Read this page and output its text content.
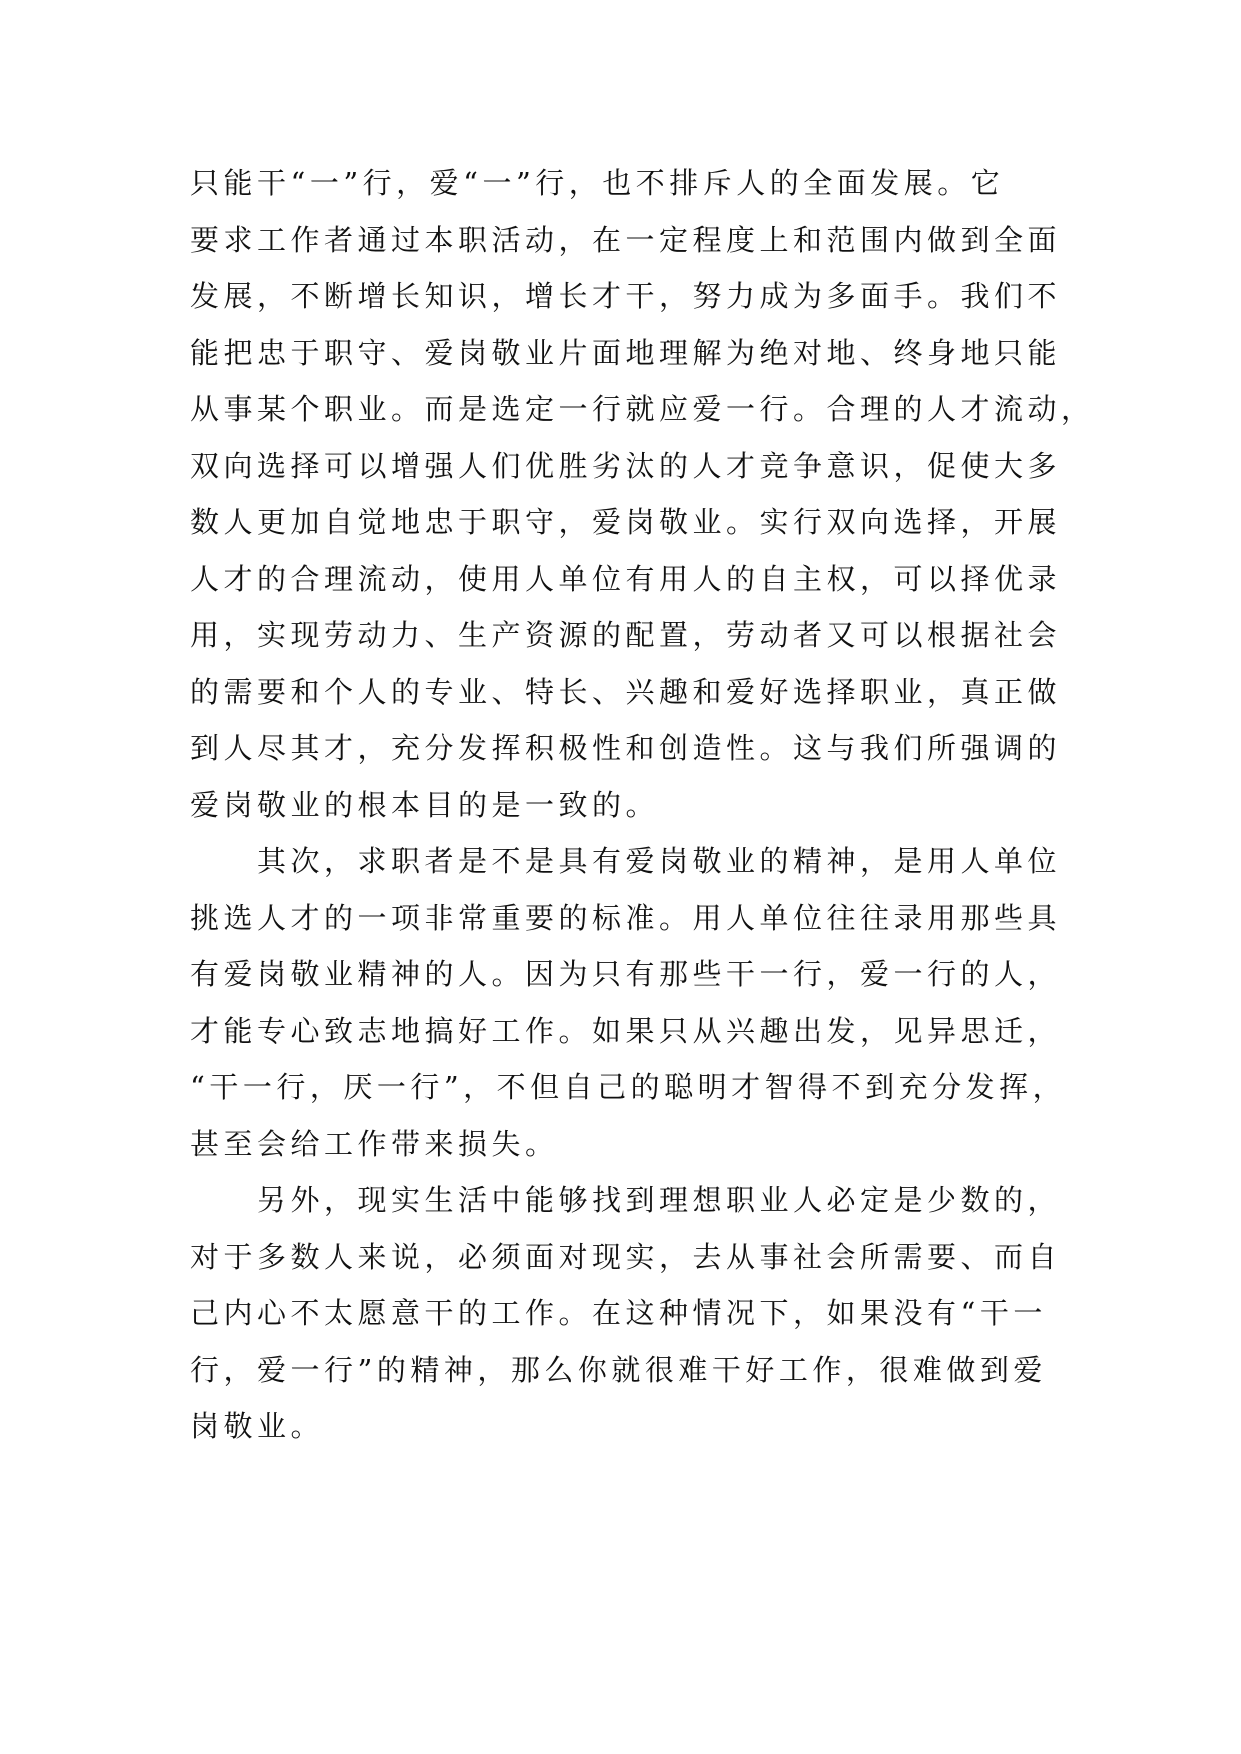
只能干“一”行，爱“一”行，也不排斥人的全面发展。它
要求工作者通过本职活动，在一定程度上和范围内做到全面
发展，不断增长知识，增长才干，努力成为多面手。我们不
能把忠于职守、爱岗敬业片面地理解为绝对地、终身地只能
从事某个职业。而是选定一行就应爱一行。合理的人才流动，
双向选择可以增强人们优胜劣汰的人才竞争意识，促使大多
数人更加自觉地忠于职守，爱岗敬业。实行双向选择，开展
人才的合理流动，使用人单位有用人的自主权，可以择优录
用，实现劳动力、生产资源的配置，劳动者又可以根据社会
的需要和个人的专业、特长、兴趣和爱好选择职业，真正做
到人尽其才，充分发挥积极性和创造性。这与我们所强调的
爱岗敬业的根本目的是一致的。
　　其次，求职者是不是具有爱岗敬业的精神，是用人单位
挑选人才的一项非常重要的标准。用人单位往往录用那些具
有爱岗敬业精神的人。因为只有那些干一行，爱一行的人，
才能专心致志地搞好工作。如果只从兴趣出发，见异思迁，
“干一行，厌一行”，不但自己的聪明才智得不到充分发挥，
甚至会给工作带来损失。
　　另外，现实生活中能够找到理想职业人必定是少数的，
对于多数人来说，必须面对现实，去从事社会所需要、而自
己内心不太愿意干的工作。在这种情况下，如果没有“干一
行，爱一行”的精神，那么你就很难干好工作，很难做到爱
岗敬业。
